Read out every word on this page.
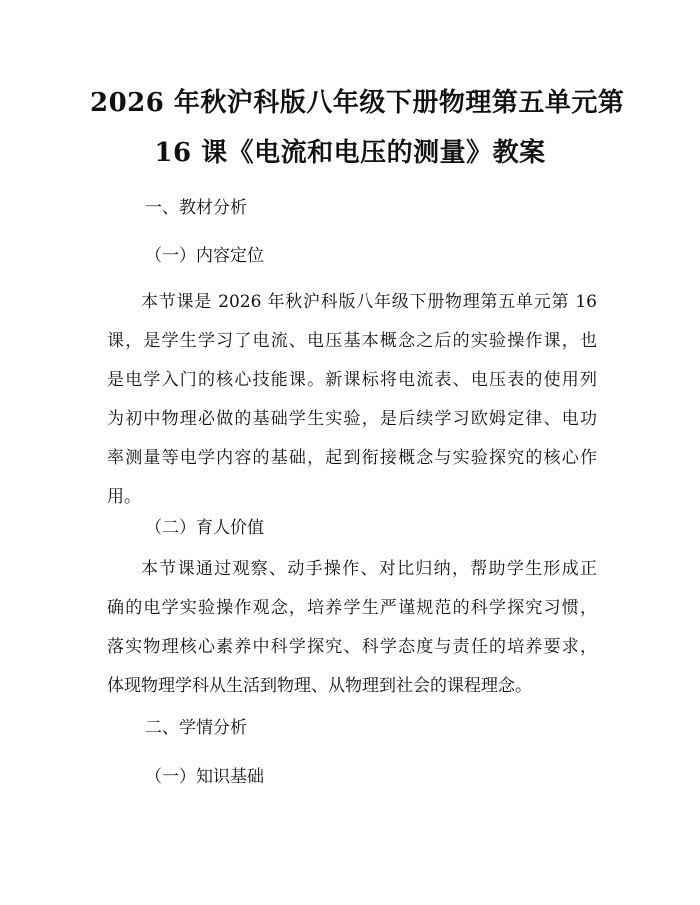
2026 年秋沪科版八年级下册物理第五单元第
16 课《电流和电压的测量》教案
一、教材分析
（一）内容定位
本节课是 2026 年秋沪科版八年级下册物理第五单元第 16
课，是学生学习了电流、电压基本概念之后的实验操作课，也
是电学入门的核心技能课。新课标将电流表、电压表的使用列
为初中物理必做的基础学生实验，是后续学习欧姆定律、电功
率测量等电学内容的基础，起到衔接概念与实验探究的核心作
用。
（二）育人价值
本节课通过观察、动手操作、对比归纳，帮助学生形成正
确的电学实验操作观念，培养学生严谨规范的科学探究习惯，
落实物理核心素养中科学探究、科学态度与责任的培养要求，
体现物理学科从生活到物理、从物理到社会的课程理念。
二、学情分析
（一）知识基础
